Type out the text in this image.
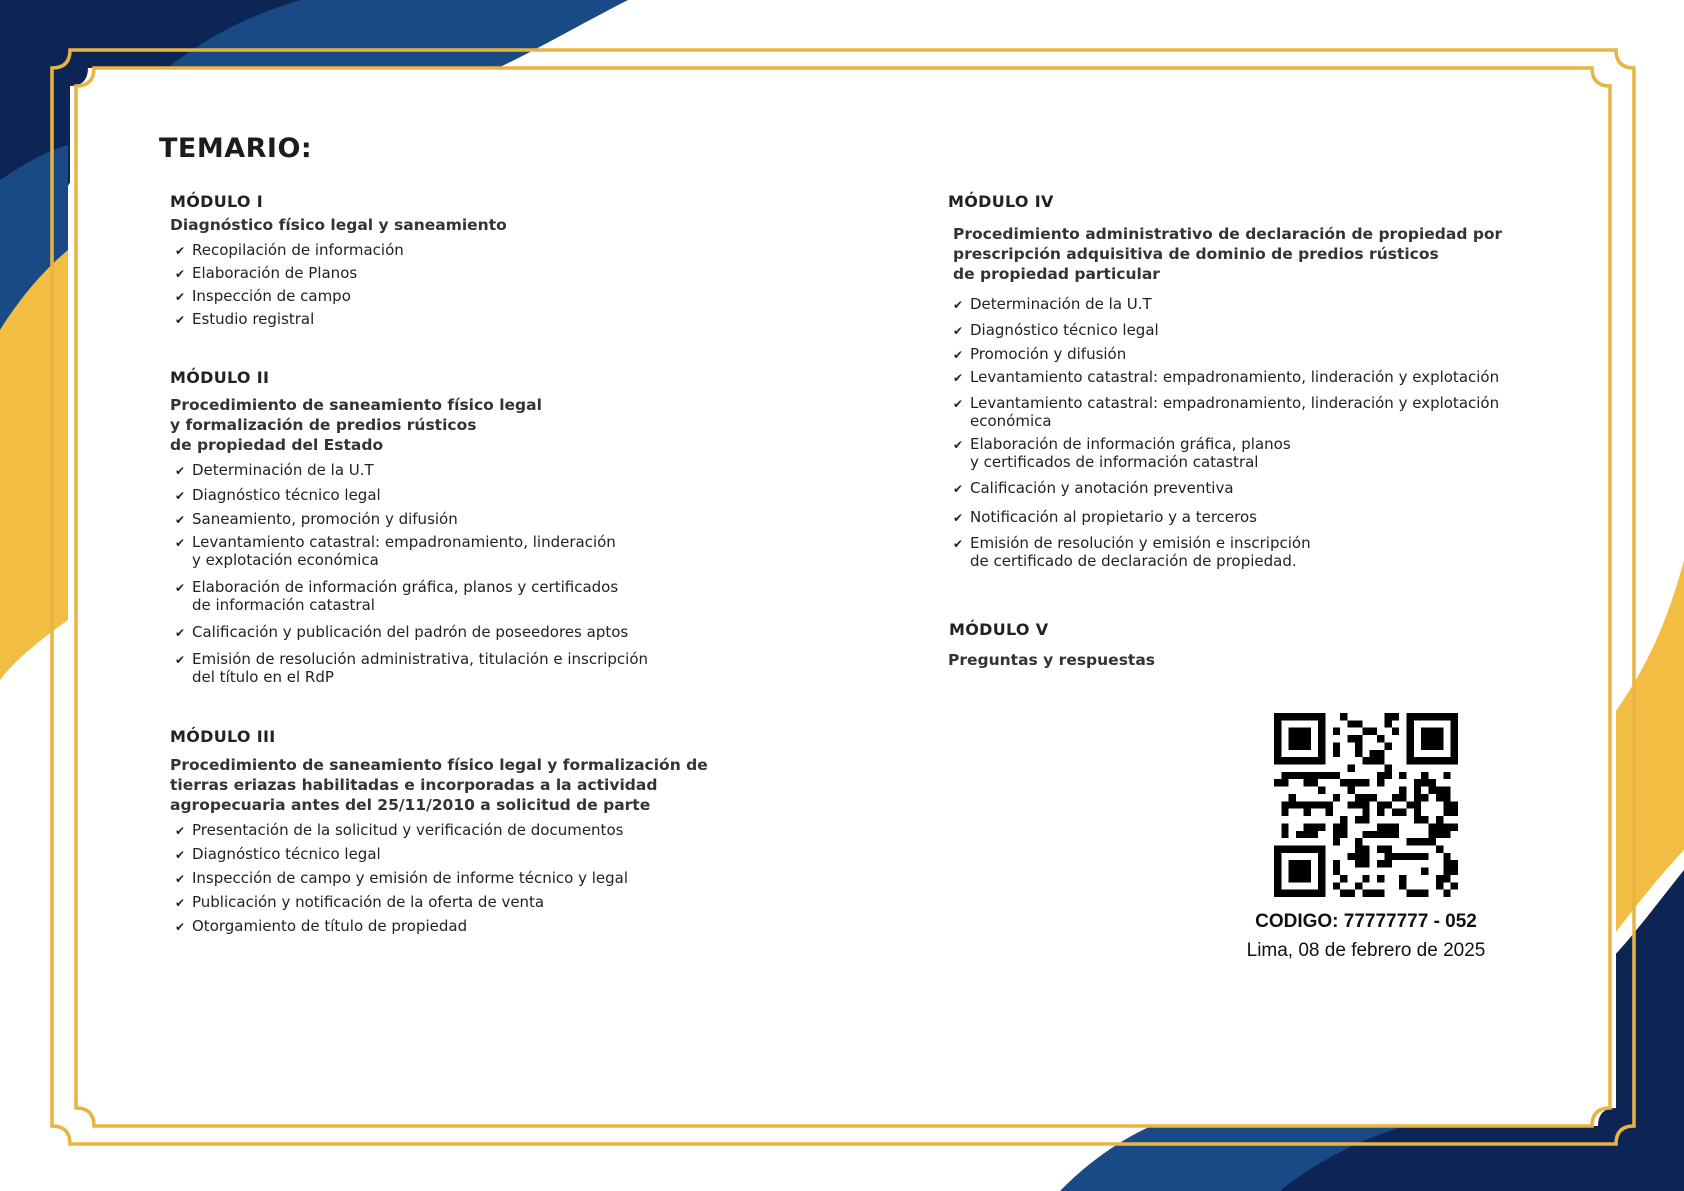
TEMARIO:

MÓDULO I

Diagnóstico físico legal y saneamiento

✔ Recopilación de información
✔ Elaboración de Planos
✔ Inspección de campo
✔ Estudio registral

MÓDULO II

Procedimiento de saneamiento físico legal
y formalización de predios rústicos
de propiedad del Estado

✔ Determinación de la U.T
✔ Diagnóstico técnico legal
✔ Saneamiento, promoción y difusión
✔ Levantamiento catastral: empadronamiento, linderación
y explotación económica
✔ Elaboración de información gráfica, planos y certificados
de información catastral
✔ Calificación y publicación del padrón de poseedores aptos
✔ Emisión de resolución administrativa, titulación e inscripción
del título en el RdP

MÓDULO III

Procedimiento de saneamiento físico legal y formalización de
tierras eriazas habilitadas e incorporadas a la actividad
agropecuaria antes del 25/11/2010 a solicitud de parte

✔ Presentación de la solicitud y verificación de documentos
✔ Diagnóstico técnico legal
✔ Inspección de campo y emisión de informe técnico y legal
✔ Publicación y notificación de la oferta de venta
✔ Otorgamiento de título de propiedad

MÓDULO IV

Procedimiento administrativo de declaración de propiedad por
prescripción adquisitiva de dominio de predios rústicos
de propiedad particular

✔ Determinación de la U.T
✔ Diagnóstico técnico legal
✔ Promoción y difusión
✔ Levantamiento catastral: empadronamiento, linderación y explotación
✔ Levantamiento catastral: empadronamiento, linderación y explotación
económica
✔ Elaboración de información gráfica, planos
y certificados de información catastral
✔ Calificación y anotación preventiva
✔ Notificación al propietario y a terceros
✔ Emisión de resolución y emisión e inscripción
de certificado de declaración de propiedad.

MÓDULO V

Preguntas y respuestas

CODIGO: 77777777 - 052
Lima, 08 de febrero de 2025
